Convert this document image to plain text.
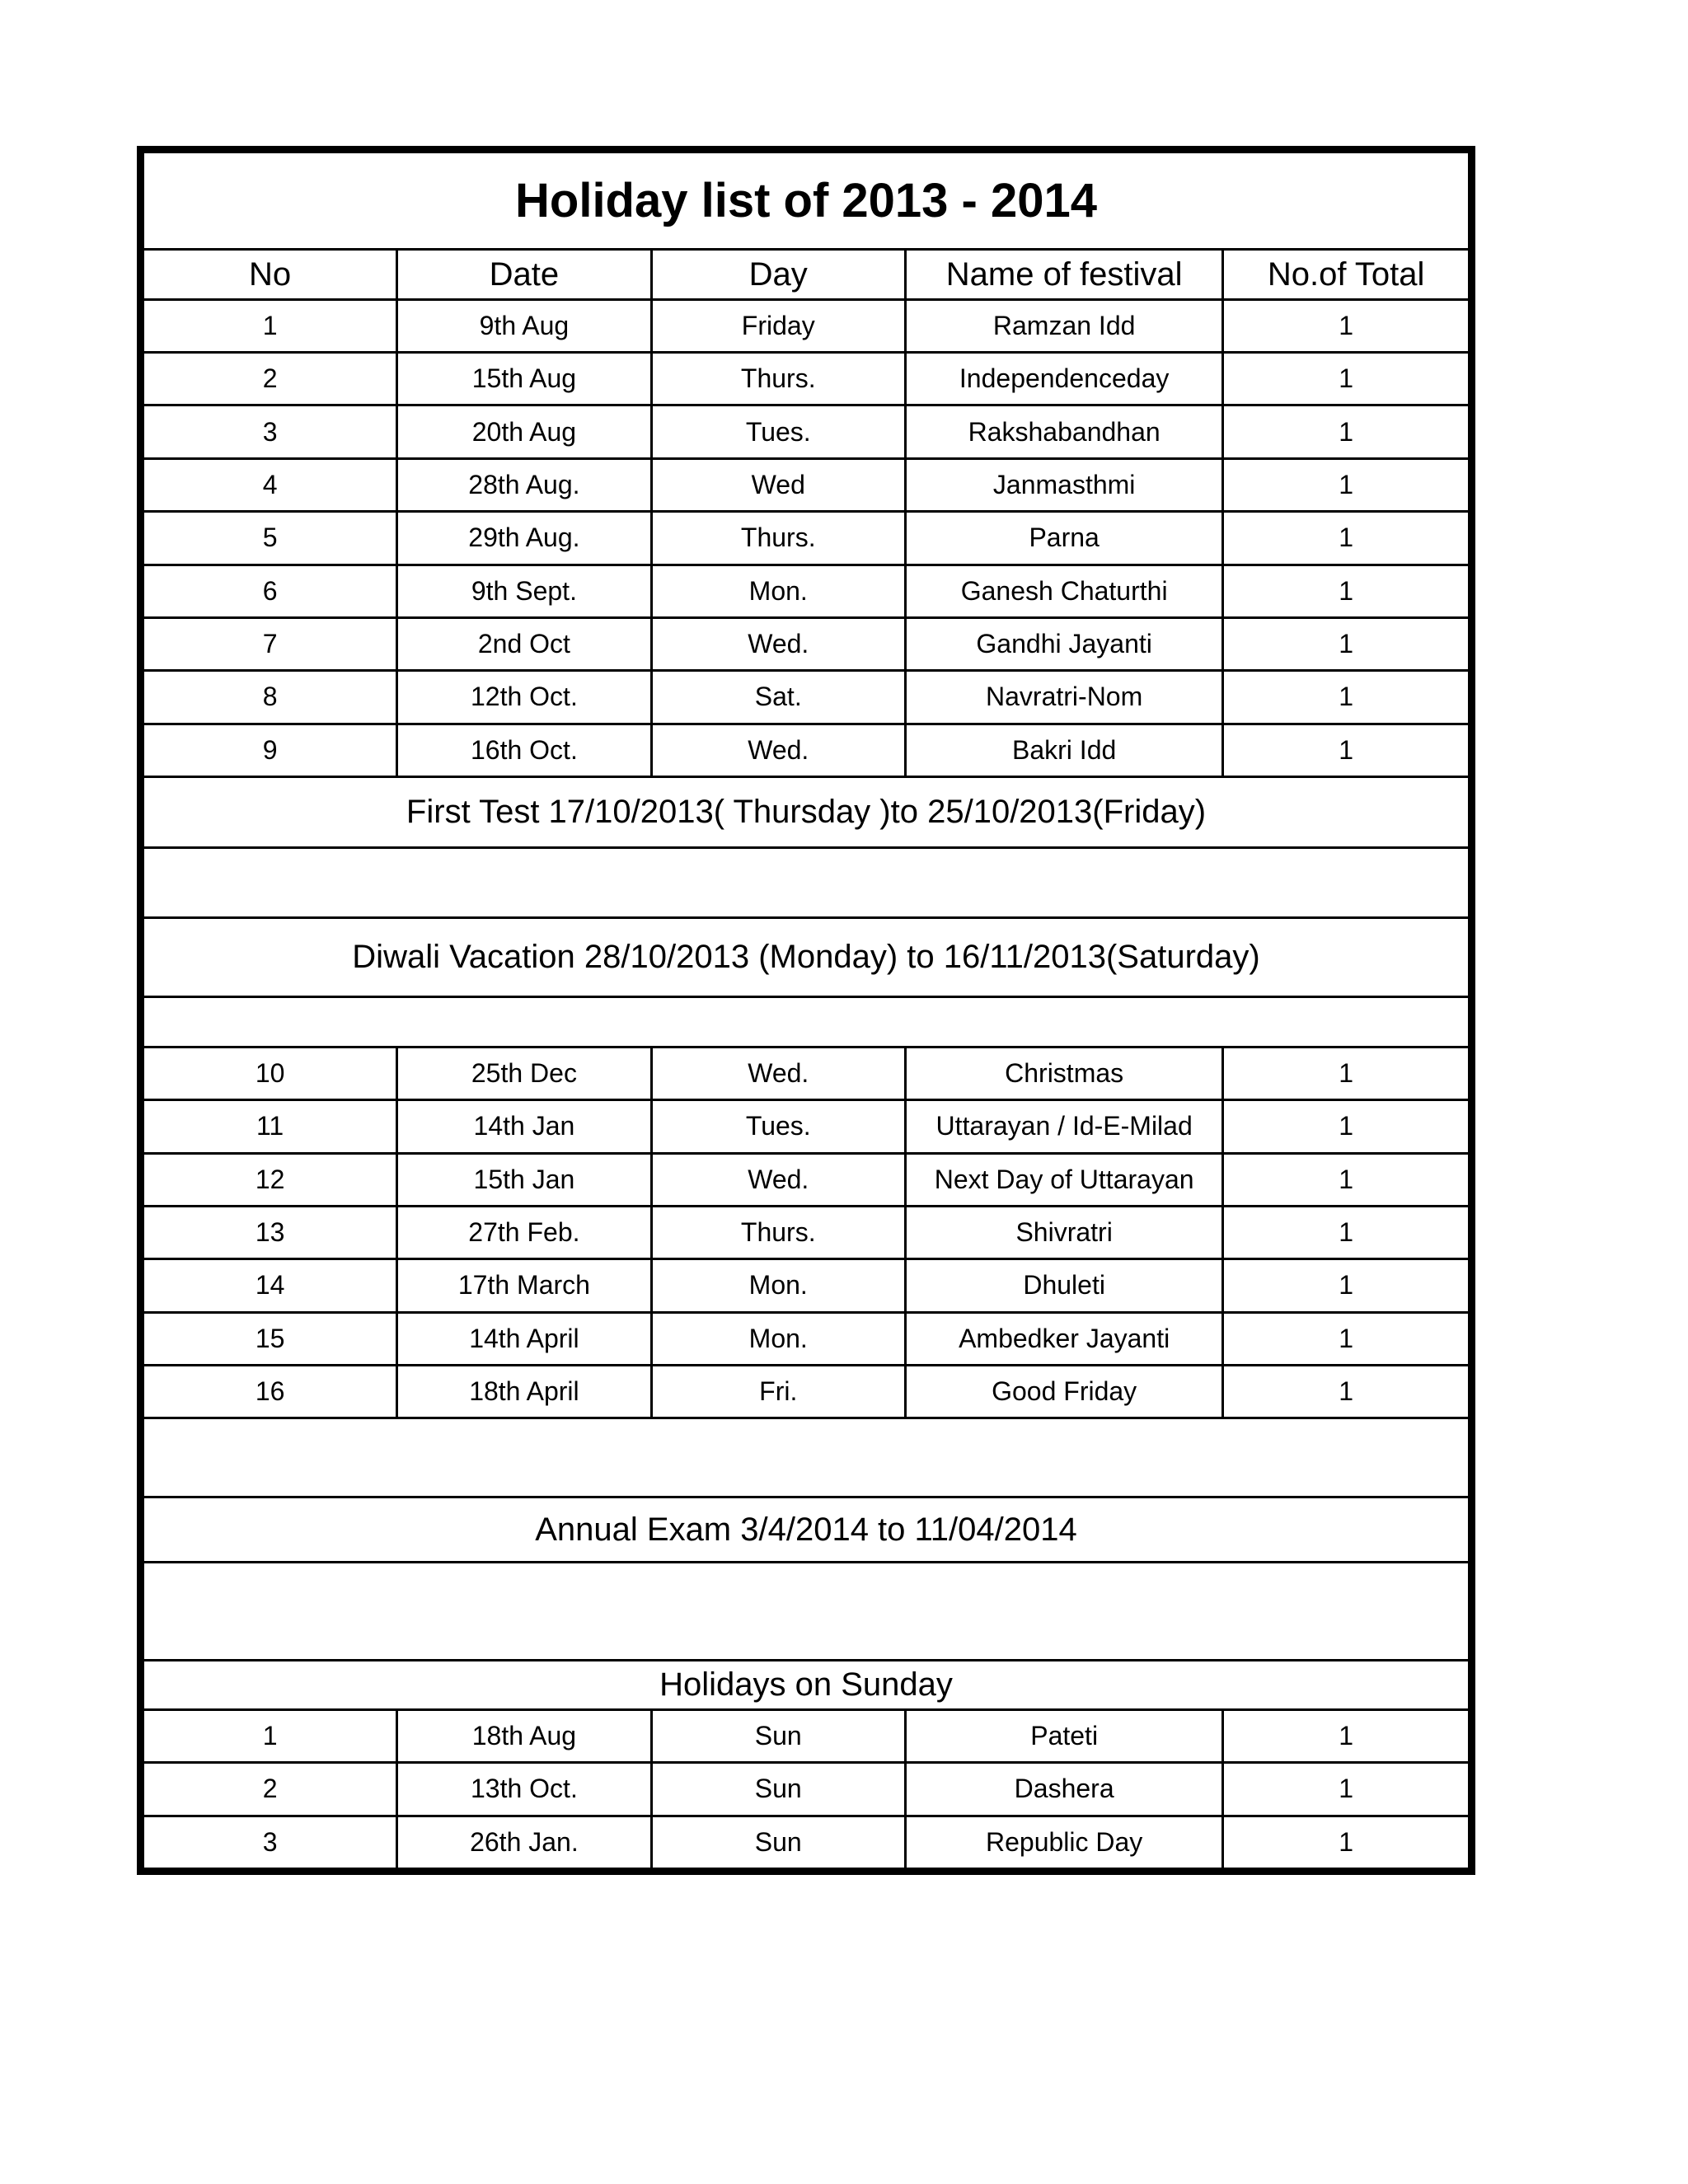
Holiday list of 2013 - 2014				
No	Date	Day	Name of festival	No.of Total
1	9th Aug	Friday	Ramzan Idd	1
2	15th Aug	Thurs.	Independenceday	1
3	20th Aug	Tues.	Rakshabandhan	1
4	28th Aug.	Wed	Janmasthmi	1
5	29th Aug.	Thurs.	Parna	1
6	9th Sept.	Mon.	Ganesh Chaturthi	1
7	2nd Oct	Wed.	Gandhi Jayanti	1
8	12th Oct.	Sat.	Navratri-Nom	1
9	16th Oct.	Wed.	Bakri Idd	1
First Test 17/10/2013( Thursday )to 25/10/2013(Friday)				

Diwali Vacation 28/10/2013 (Monday) to 16/11/2013(Saturday)				

10	25th Dec	Wed.	Christmas	1
11	14th Jan	Tues.	Uttarayan / Id-E-Milad	1
12	15th Jan	Wed.	Next Day of Uttarayan	1
13	27th Feb.	Thurs.	Shivratri	1
14	17th March	Mon.	Dhuleti	1
15	14th April	Mon.	Ambedker Jayanti	1
16	18th April	Fri.	Good Friday	1

Annual Exam 3/4/2014 to 11/04/2014				

Holidays on Sunday				
1	18th Aug	Sun	Pateti	1
2	13th Oct.	Sun	Dashera	1
3	26th Jan.	Sun	Republic Day	1
